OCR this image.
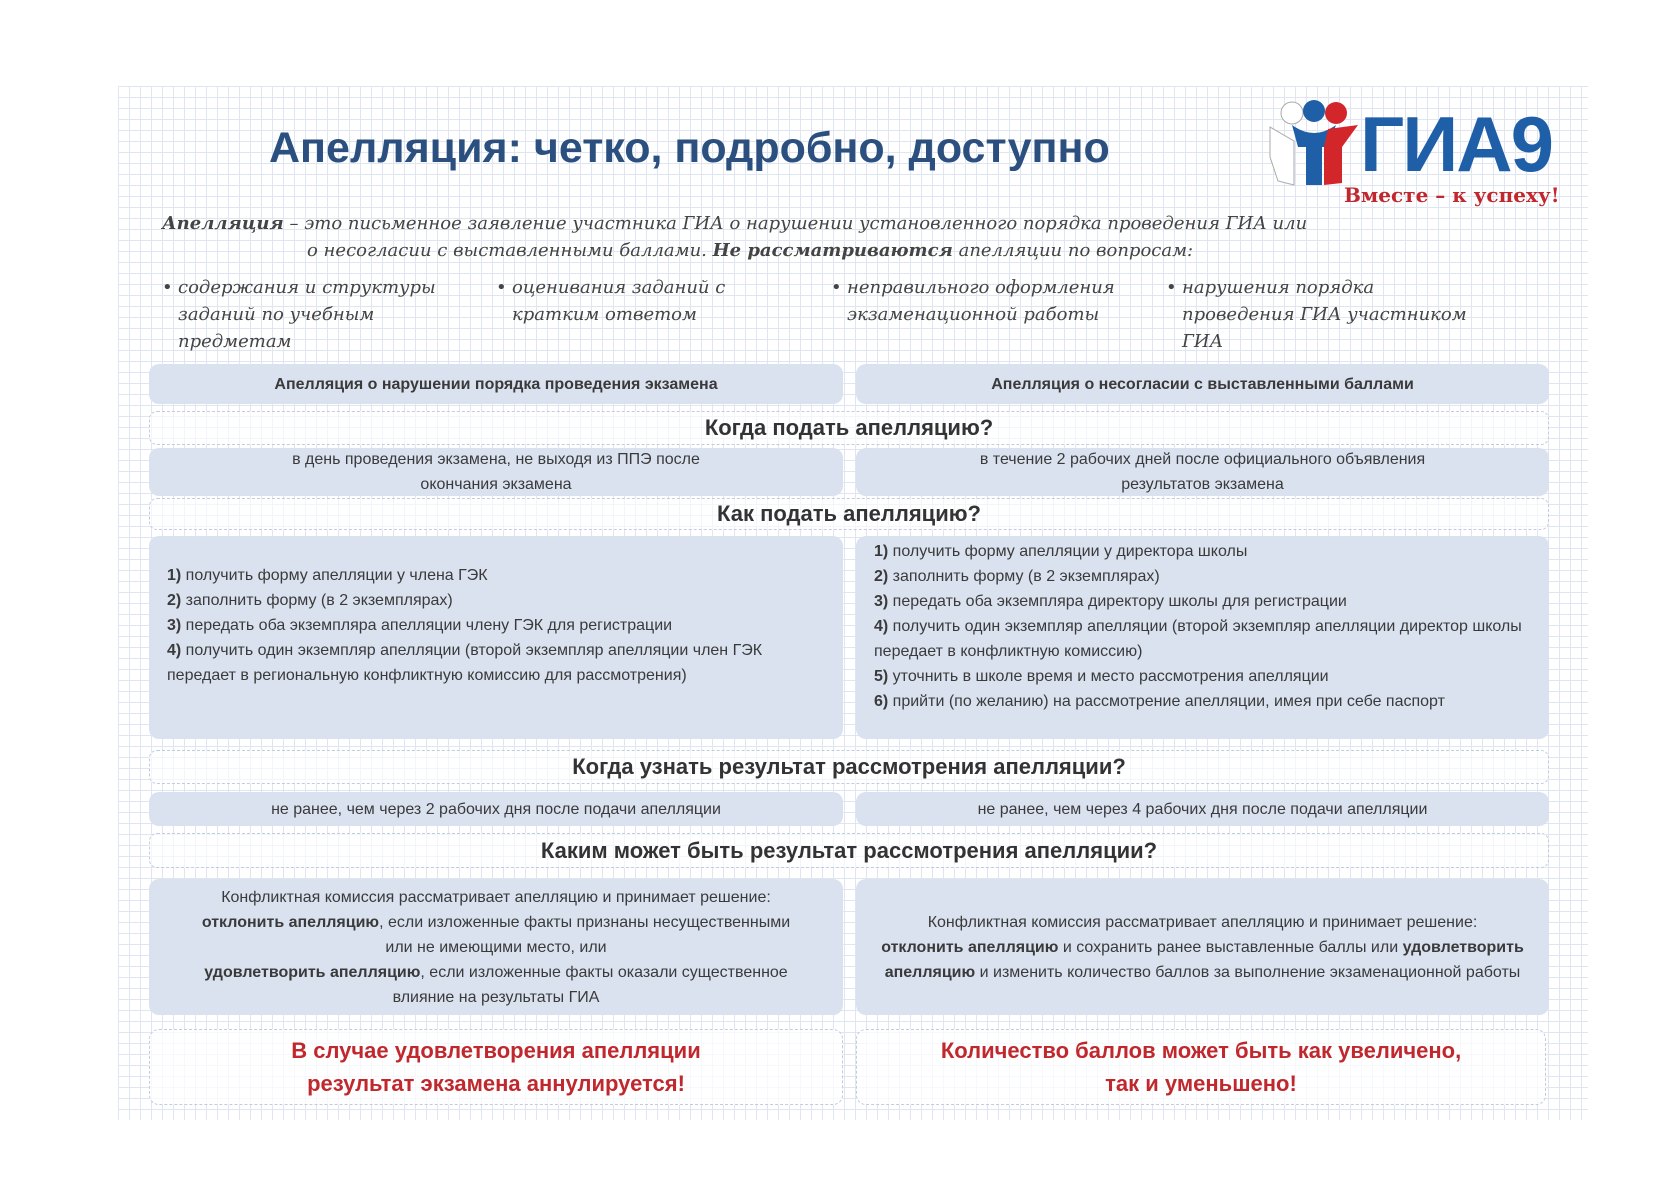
Апелляция: четко, подробно, доступно	ГИА9
Вместе – к успеху!
Апелляция – это письменное заявление участника ГИА о нарушении установленного порядка проведения ГИА или
о несогласии с выставленными баллами. Не рассматриваются апелляции по вопросам:
• содержания и структуры заданий по учебным предметам
• оценивания заданий с кратким ответом
• неправильного оформления экзаменационной работы
• нарушения порядка проведения ГИА участником ГИА
Апелляция о нарушении порядка проведения экзамена	Апелляция о несогласии с выставленными баллами
Когда подать апелляцию?
в день проведения экзамена, не выходя из ППЭ после окончания экзамена
в течение 2 рабочих дней после официального объявления результатов экзамена
Как подать апелляцию?
1) получить форму апелляции у члена ГЭК
2) заполнить форму (в 2 экземплярах)
3) передать оба экземпляра апелляции члену ГЭК для регистрации
4) получить один экземпляр апелляции (второй экземпляр апелляции член ГЭК передает в региональную конфликтную комиссию для рассмотрения)
1) получить форму апелляции у директора школы
2) заполнить форму (в 2 экземплярах)
3) передать оба экземпляра директору школы для регистрации
4) получить один экземпляр апелляции (второй экземпляр апелляции директор школы передает в конфликтную комиссию)
5) уточнить в школе время и место рассмотрения апелляции
6) прийти (по желанию) на рассмотрение апелляции, имея при себе паспорт
Когда узнать результат рассмотрения апелляции?
не ранее, чем через 2 рабочих дня после подачи апелляции	не ранее, чем через 4 рабочих дня после подачи апелляции
Каким может быть результат рассмотрения апелляции?
Конфликтная комиссия рассматривает апелляцию и принимает решение:
отклонить апелляцию, если изложенные факты признаны несущественными или не имеющими место, или
удовлетворить апелляцию, если изложенные факты оказали существенное влияние на результаты ГИА
Конфликтная комиссия рассматривает апелляцию и принимает решение:
отклонить апелляцию и сохранить ранее выставленные баллы или удовлетворить апелляцию и изменить количество баллов за выполнение экзаменационной работы
В случае удовлетворения апелляции
результат экзамена аннулируется!
Количество баллов может быть как увеличено,
так и уменьшено!
